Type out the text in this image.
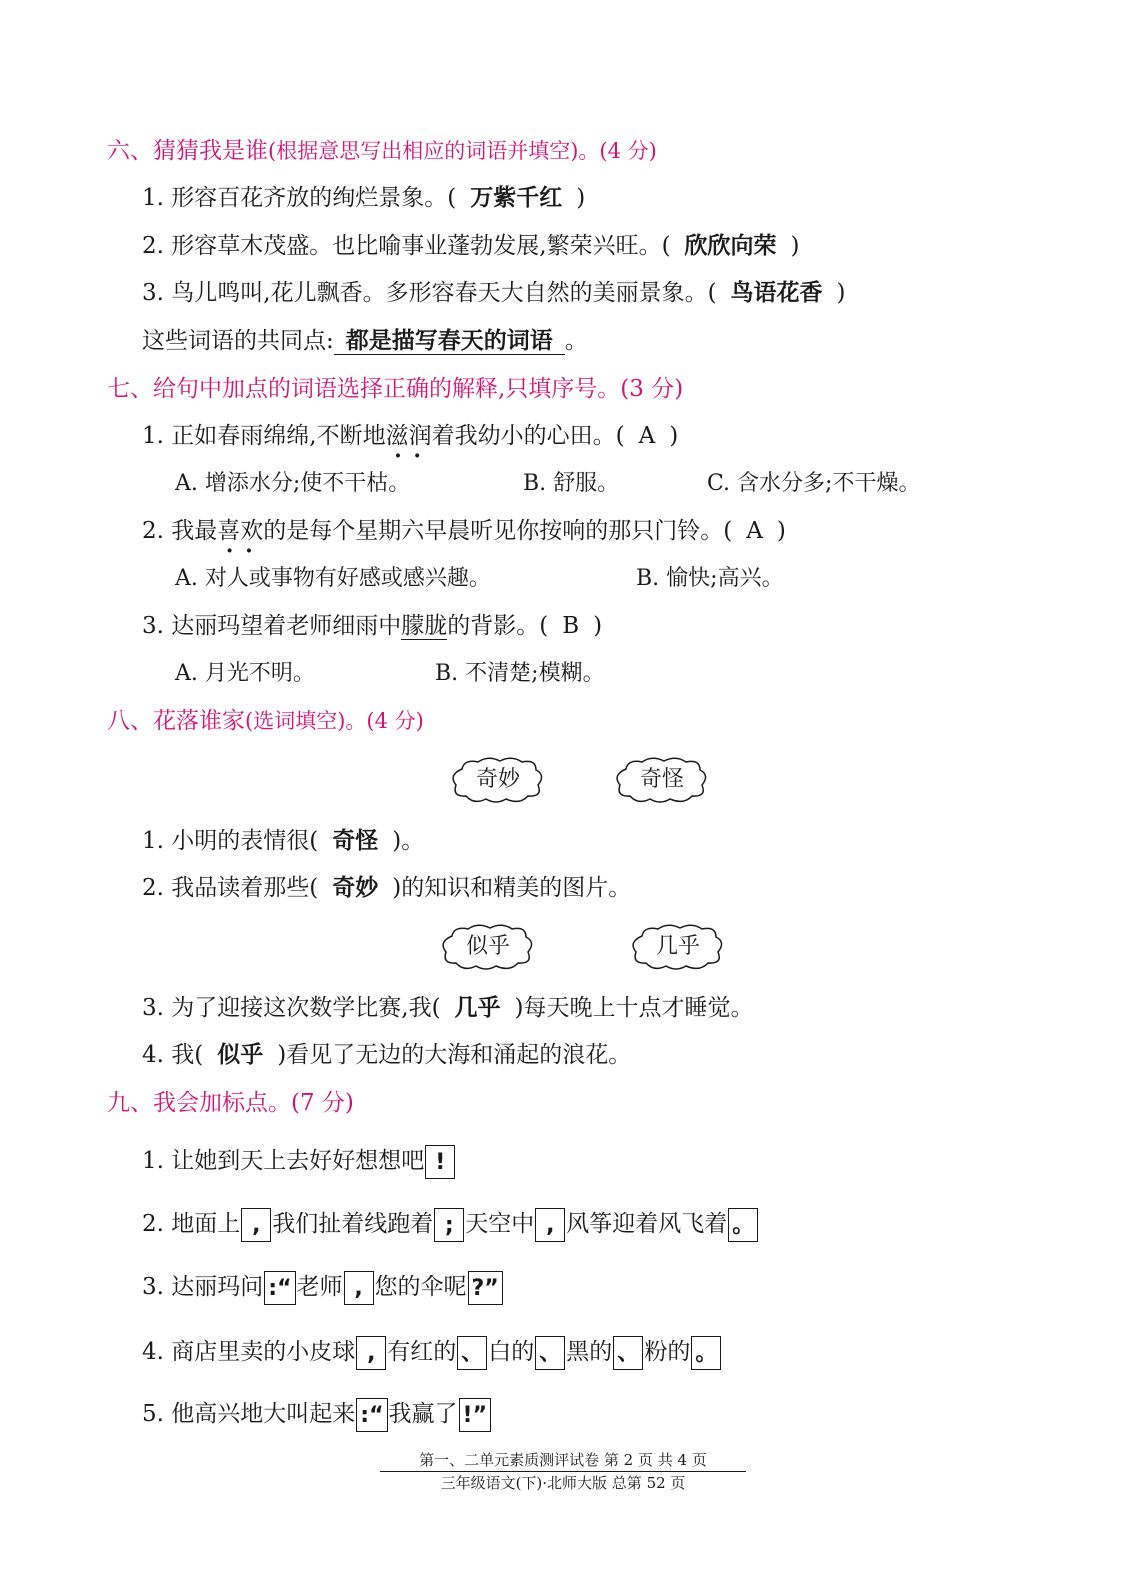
六、猜猜我是谁(根据意思写出相应的词语并填空)。(4 分)
1. 形容百花齐放的绚烂景象。( 万紫千红 )
2. 形容草木茂盛。也比喻事业蓬勃发展,繁荣兴旺。( 欣欣向荣 )
3. 鸟儿鸣叫,花儿飘香。多形容春天大自然的美丽景象。( 鸟语花香 )
这些词语的共同点: 都是描写春天的词语 。
七、给句中加点的词语选择正确的解释,只填序号。(3 分)
1. 正如春雨绵绵,不断地滋润 · ·着我幼小的心田。( A )
A. 增添水分;使不干枯。	B. 舒服。	C. 含水分多;不干燥。
2. 我最喜欢 · ·的是每个星期六早晨听见你按响的那只门铃。( A )
A. 对人或事物有好感或感兴趣。	B. 愉快;高兴。
3. 达丽玛望着老师细雨中朦胧的背影。( B )
A. 月光不明。	B. 不清楚;模糊。
八、花落谁家(选词填空)。(4 分)
奇妙	奇怪
1. 小明的表情很( 奇怪 )。
2. 我品读着那些( 奇妙 )的知识和精美的图片。
似乎	几乎
3. 为了迎接这次数学比赛,我( 几乎 )每天晚上十点才睡觉。
4. 我( 似乎 )看见了无边的大海和涌起的浪花。
九、我会加标点。(7 分)
1. 让她到天上去好好想想吧 !
2. 地面上 , 我们扯着线跑着 ; 天空中 , 风筝迎着风飞着 。
3. 达丽玛问 :“ 老师 , 您的伞呢 ?”
4. 商店里卖的小皮球 , 有红的 、 白的 、 黑的 、 粉的 。
5. 他高兴地大叫起来 :“ 我赢了 !”
第一、二单元素质测评试卷 第 2 页 共 4 页
三年级语文(下)·北师大版 总第 52 页
